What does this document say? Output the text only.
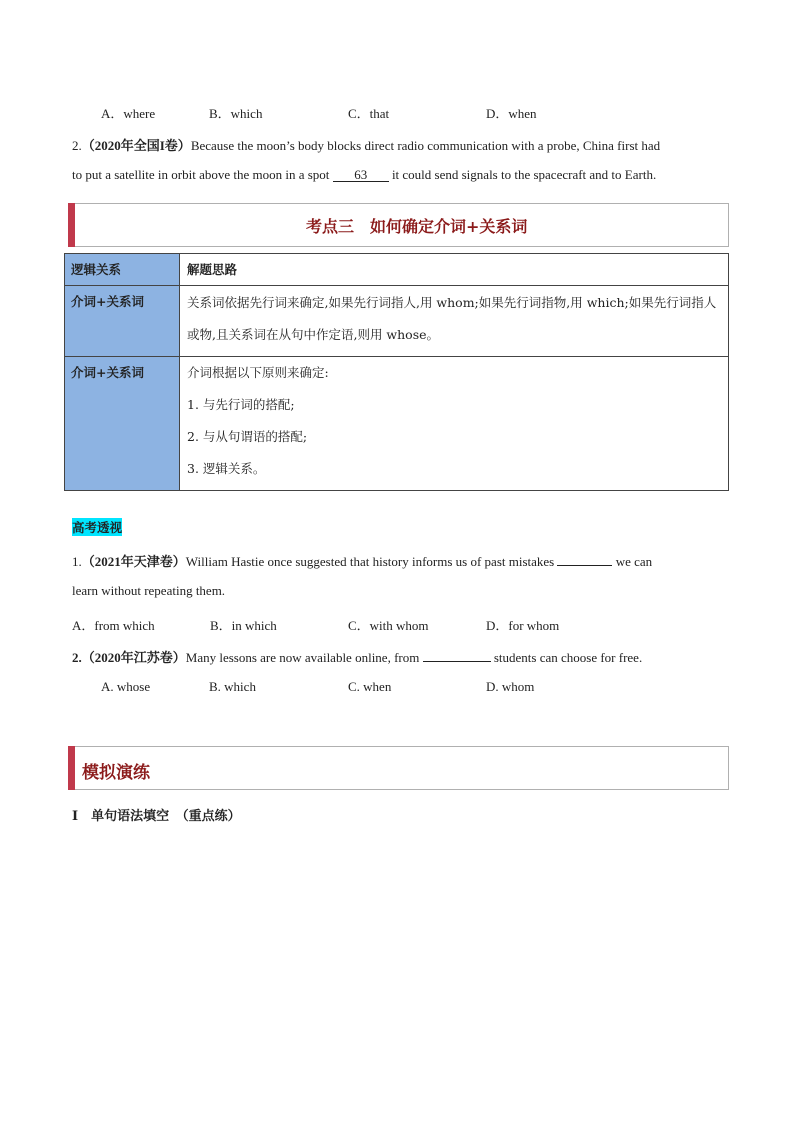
A．where	B．which	C．that	D．when
2.（2020年全国I卷）Because the moon’s body blocks direct radio communication with a probe, China first had
to put a satellite in orbit above the moon in a spot 63 it could send signals to the spacecraft and to Earth.
考点三　如何确定介词+关系词
逻辑关系	解题思路
介词+关系词	关系词依据先行词来确定,如果先行词指人,用 whom;如果先行词指物,用 which;如果先行词指人或物,且关系词在从句中作定语,则用 whose。
介词+关系词	介词根据以下原则来确定:
1. 与先行词的搭配;
2. 与从句谓语的搭配;
3. 逻辑关系。
高考透视
1.（2021年天津卷）William Hastie once suggested that history informs us of past mistakes	we can
learn without repeating them.
A．from which	B．in which	C．with whom	D．for whom
2.（2020年江苏卷）Many lessons are now available online, from	students can choose for free.
A. whose	B. which	C. when	D. whom
模拟演练
I　单句语法填空　（重点练）
